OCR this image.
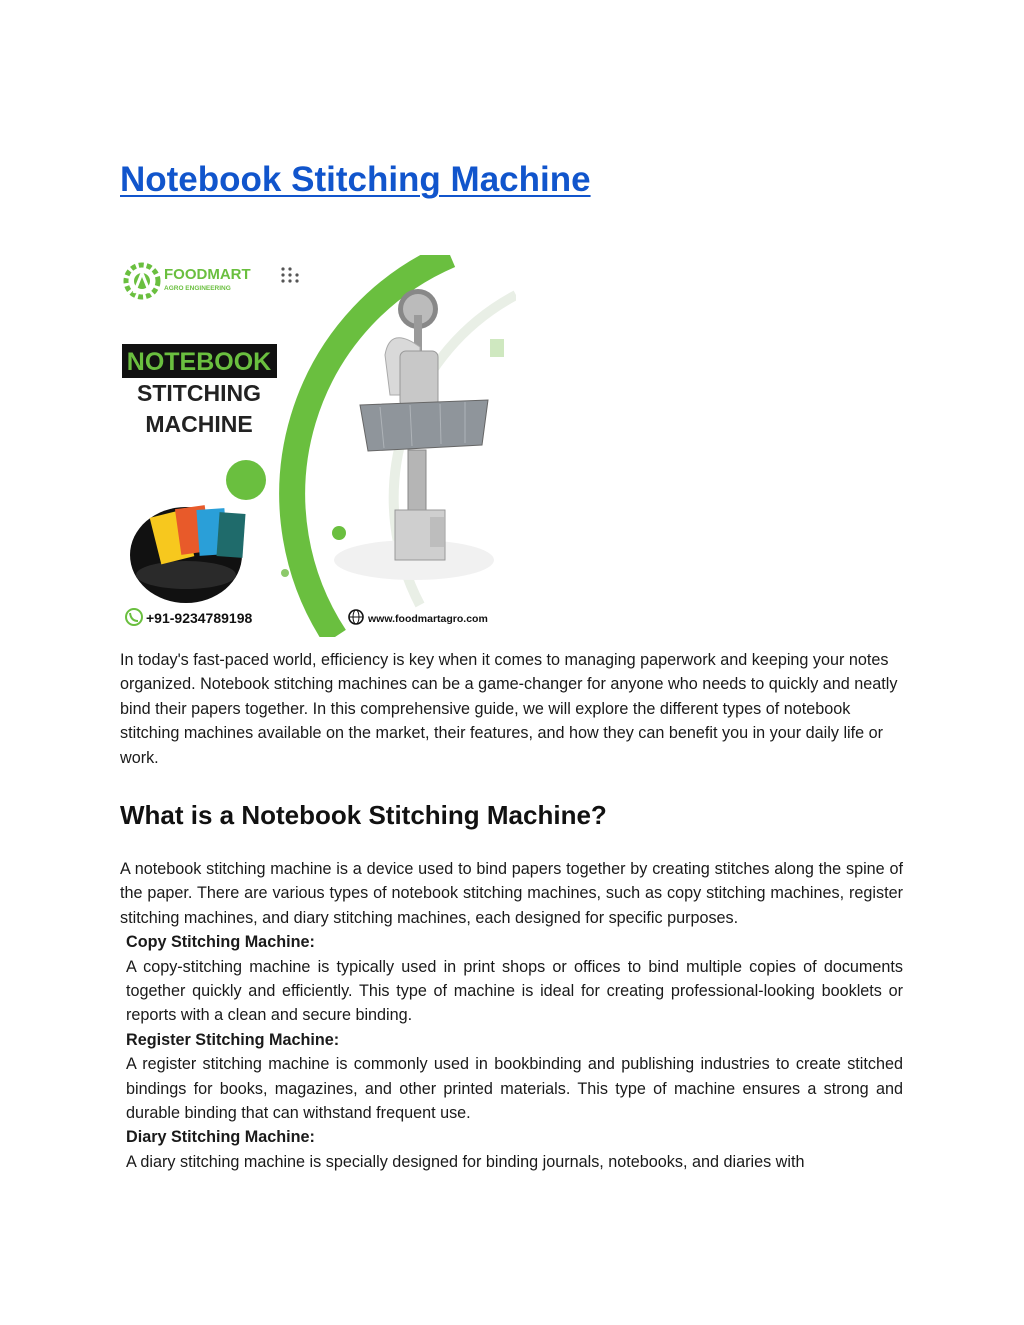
Notebook Stitching Machine
FOODMART
AGRO ENGINEERING
NOTEBOOK
STITCHING
MACHINE
+91-9234789198	www.foodmartagro.com

In today's fast-paced world, efficiency is key when it comes to managing paperwork and keeping your notes organized. Notebook stitching machines can be a game-changer for anyone who needs to quickly and neatly bind their papers together. In this comprehensive guide, we will explore the different types of notebook stitching machines available on the market, their features, and how they can benefit you in your daily life or work.

What is a Notebook Stitching Machine?

A notebook stitching machine is a device used to bind papers together by creating stitches along the spine of the paper. There are various types of notebook stitching machines, such as copy stitching machines, register stitching machines, and diary stitching machines, each designed for specific purposes.

Copy Stitching Machine:

A copy-stitching machine is typically used in print shops or offices to bind multiple copies of documents together quickly and efficiently. This type of machine is ideal for creating professional-looking booklets or reports with a clean and secure binding.

Register Stitching Machine:

A register stitching machine is commonly used in bookbinding and publishing industries to create stitched bindings for books, magazines, and other printed materials. This type of machine ensures a strong and durable binding that can withstand frequent use.

Diary Stitching Machine:

A diary stitching machine is specially designed for binding journals, notebooks, and diaries with
